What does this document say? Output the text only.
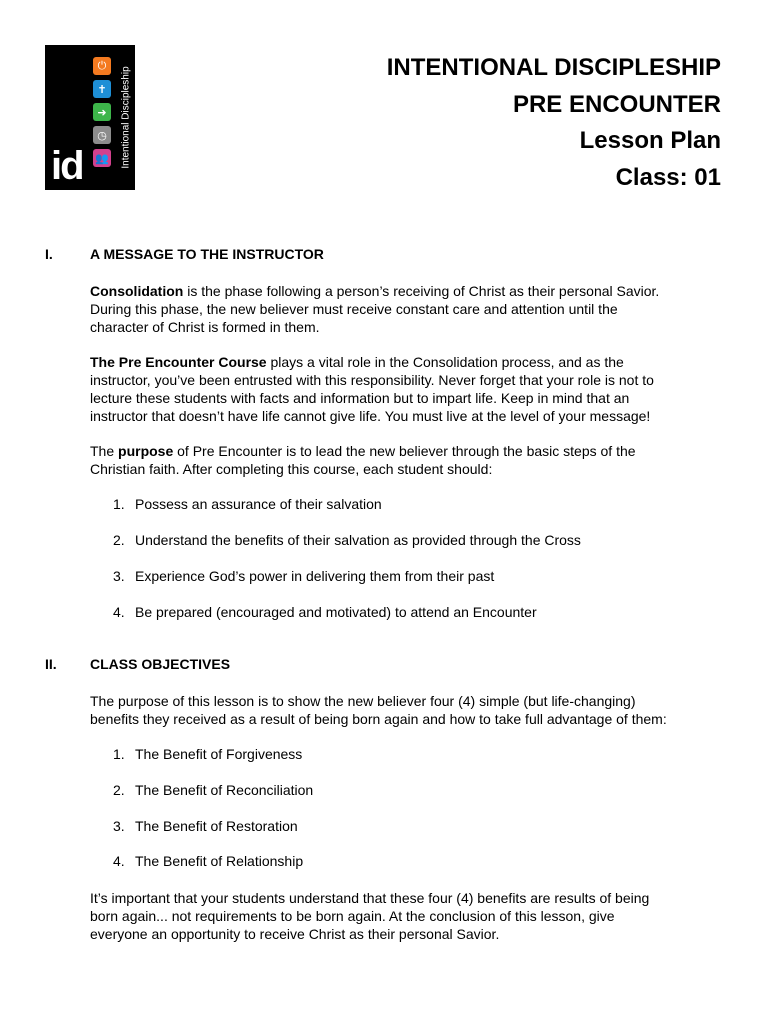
⏻
✝
➜
◷
👥
id	Intentional Discipleship	INTENTIONAL DISCIPLESHIP
PRE ENCOUNTER
Lesson Plan
Class: 01
I.	A MESSAGE TO THE INSTRUCTOR
Consolidation is the phase following a person’s receiving of Christ as their personal Savior.
During this phase, the new believer must receive constant care and attention until the
character of Christ is formed in them.
The Pre Encounter Course plays a vital role in the Consolidation process, and as the
instructor, you’ve been entrusted with this responsibility. Never forget that your role is not to
lecture these students with facts and information but to impart life. Keep in mind that an
instructor that doesn’t have life cannot give life. You must live at the level of your message!
The purpose of Pre Encounter is to lead the new believer through the basic steps of the
Christian faith. After completing this course, each student should:
1. Possess an assurance of their salvation
2. Understand the benefits of their salvation as provided through the Cross
3. Experience God’s power in delivering them from their past
4. Be prepared (encouraged and motivated) to attend an Encounter
II.	CLASS OBJECTIVES
The purpose of this lesson is to show the new believer four (4) simple (but life-changing)
benefits they received as a result of being born again and how to take full advantage of them:
1. The Benefit of Forgiveness
2. The Benefit of Reconciliation
3. The Benefit of Restoration
4. The Benefit of Relationship
It’s important that your students understand that these four (4) benefits are results of being
born again... not requirements to be born again. At the conclusion of this lesson, give
everyone an opportunity to receive Christ as their personal Savior.
